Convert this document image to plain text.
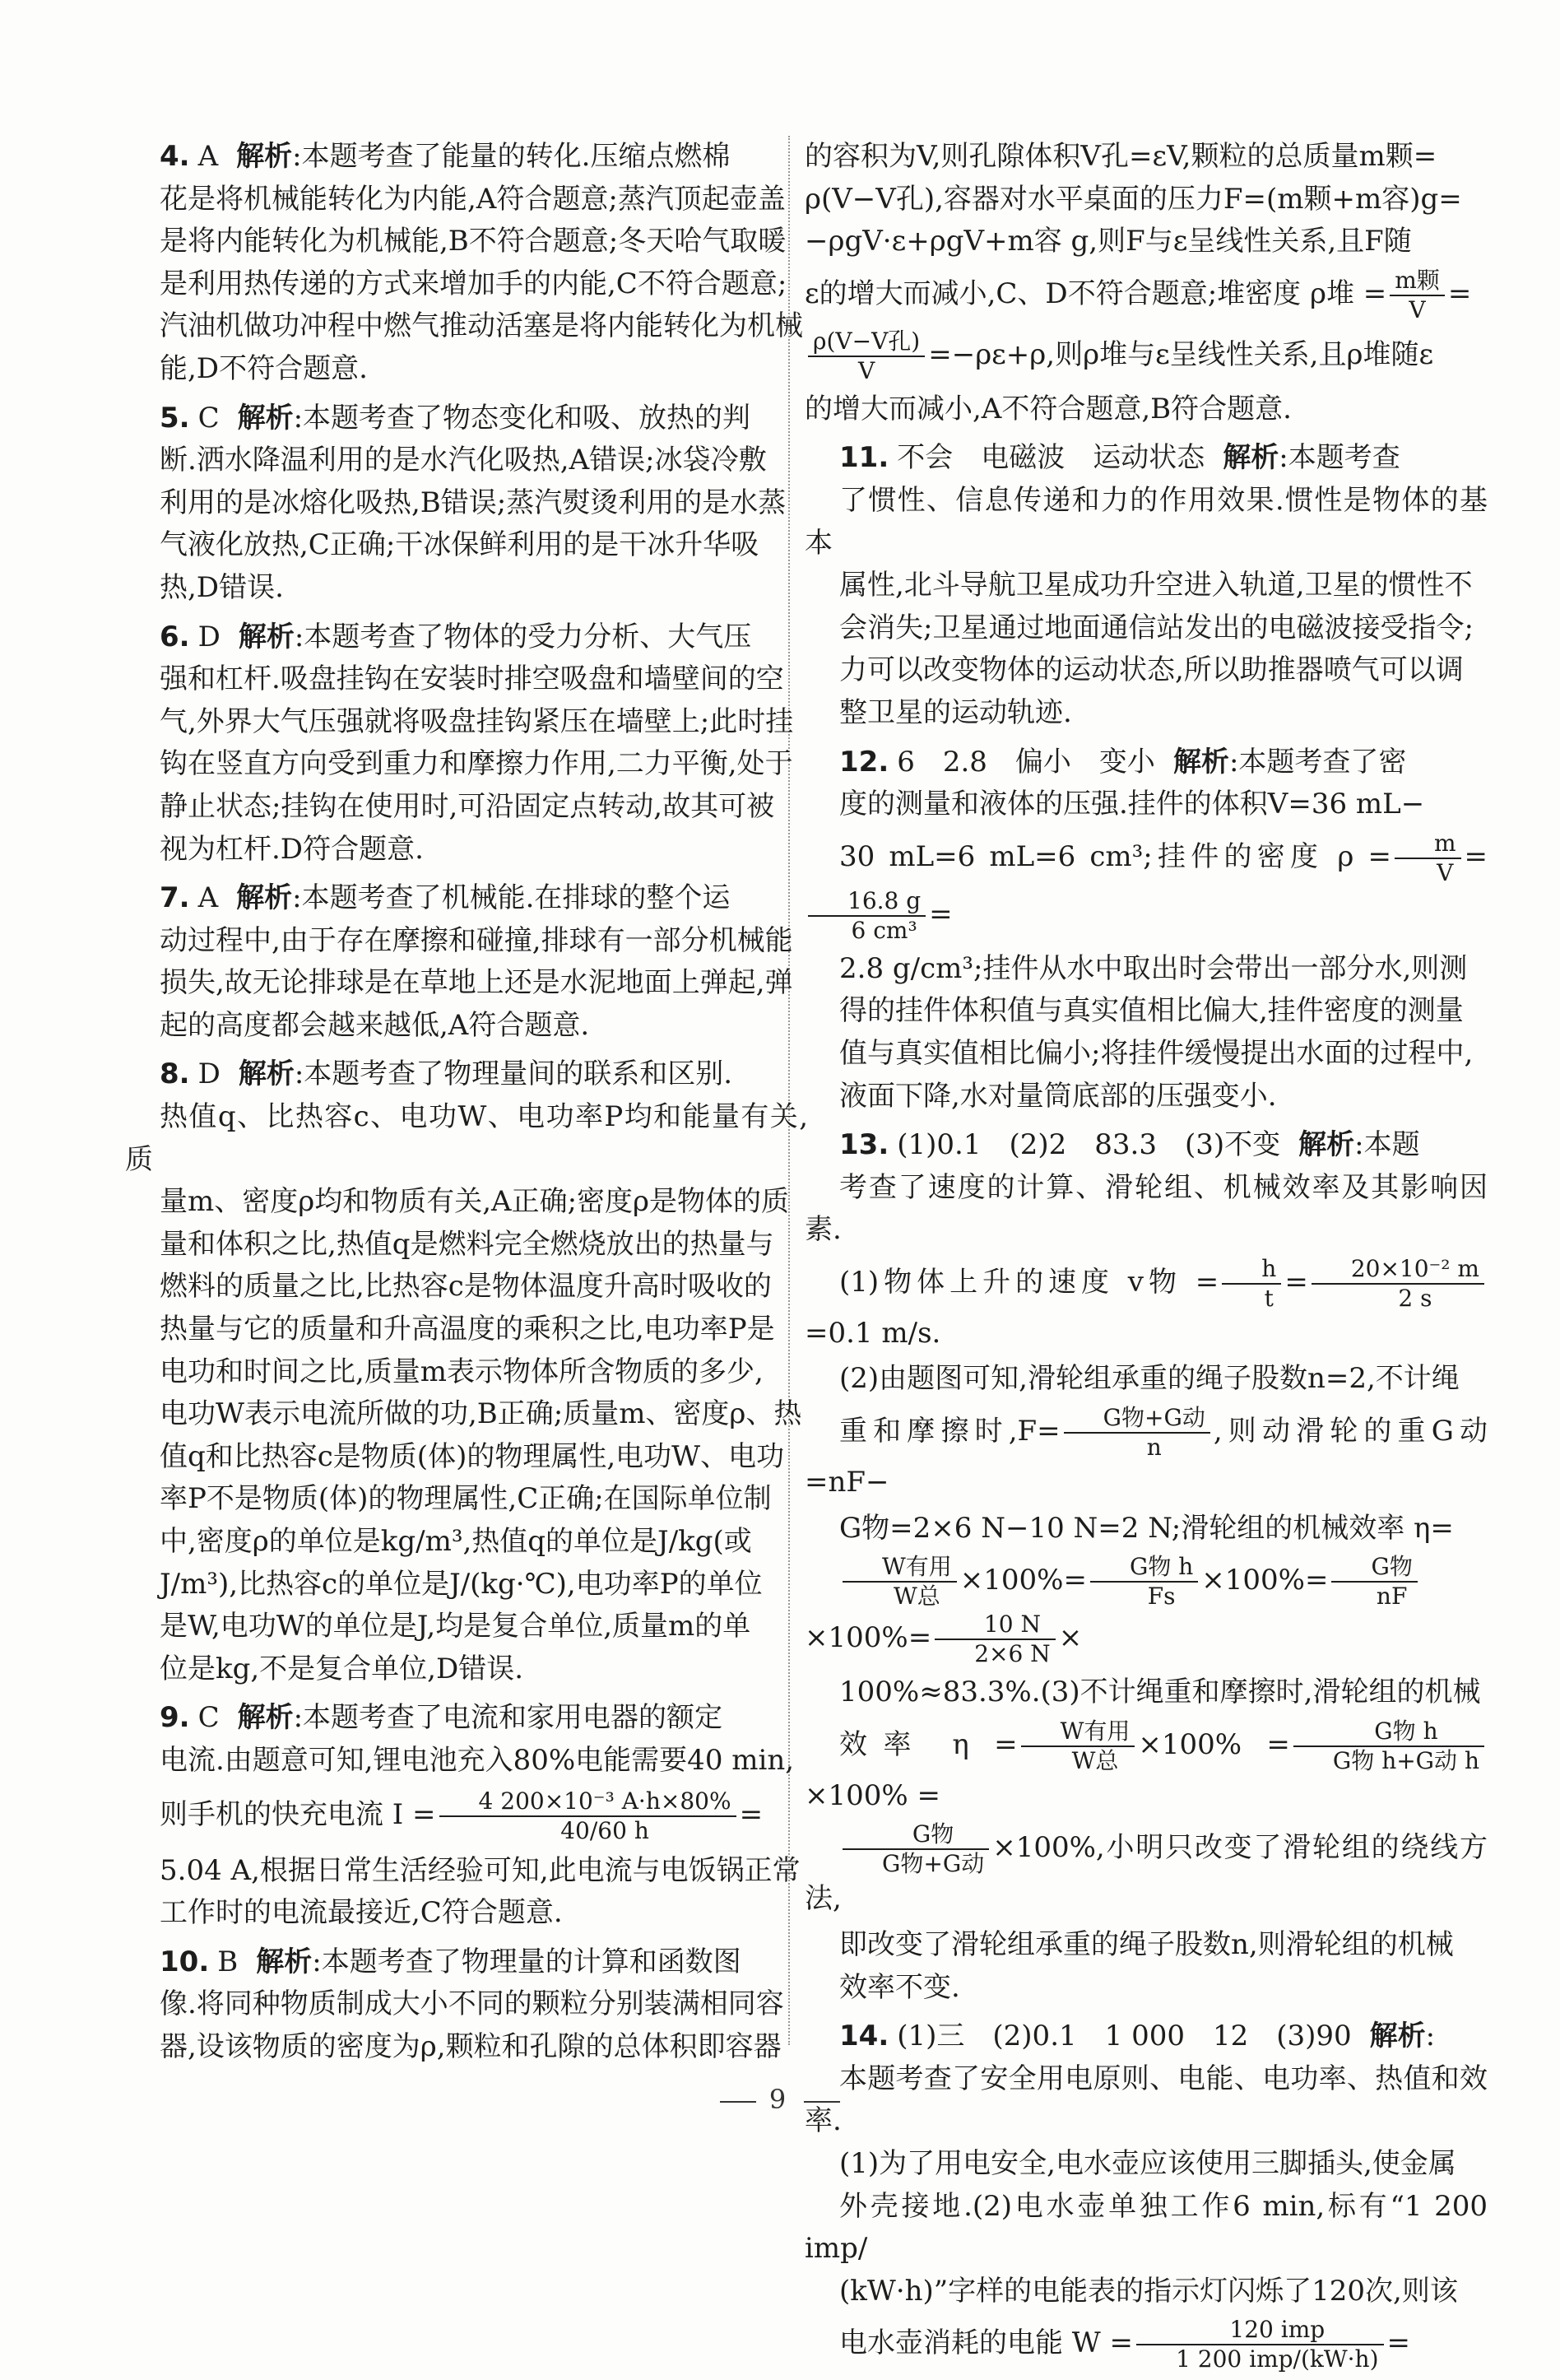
4. A 解析:本题考查了能量的转化.压缩点燃棉
花是将机械能转化为内能,A符合题意;蒸汽顶起壶盖
是将内能转化为机械能,B不符合题意;冬天哈气取暖
是利用热传递的方式来增加手的内能,C不符合题意;
汽油机做功冲程中燃气推动活塞是将内能转化为机械
能,D不符合题意.
5. C 解析:本题考查了物态变化和吸、放热的判
断.洒水降温利用的是水汽化吸热,A错误;冰袋冷敷
利用的是冰熔化吸热,B错误;蒸汽熨烫利用的是水蒸
气液化放热,C正确;干冰保鲜利用的是干冰升华吸
热,D错误.
6. D 解析:本题考查了物体的受力分析、大气压
强和杠杆.吸盘挂钩在安装时排空吸盘和墙壁间的空
气,外界大气压强就将吸盘挂钩紧压在墙壁上;此时挂
钩在竖直方向受到重力和摩擦力作用,二力平衡,处于
静止状态;挂钩在使用时,可沿固定点转动,故其可被
视为杠杆.D符合题意.
7. A 解析:本题考查了机械能.在排球的整个运
动过程中,由于存在摩擦和碰撞,排球有一部分机械能
损失,故无论排球是在草地上还是水泥地面上弹起,弹
起的高度都会越来越低,A符合题意.
8. D 解析:本题考查了物理量间的联系和区别.
热值q、比热容c、电功W、电功率P均和能量有关,质
量m、密度ρ均和物质有关,A正确;密度ρ是物体的质
量和体积之比,热值q是燃料完全燃烧放出的热量与
燃料的质量之比,比热容c是物体温度升高时吸收的
热量与它的质量和升高温度的乘积之比,电功率P是
电功和时间之比,质量m表示物体所含物质的多少,
电功W表示电流所做的功,B正确;质量m、密度ρ、热
值q和比热容c是物质(体)的物理属性,电功W、电功
率P不是物质(体)的物理属性,C正确;在国际单位制
中,密度ρ的单位是kg/m³,热值q的单位是J/kg(或
J/m³),比热容c的单位是J/(kg·℃),电功率P的单位
是W,电功W的单位是J,均是复合单位,质量m的单
位是kg,不是复合单位,D错误.
9. C 解析:本题考查了电流和家用电器的额定
电流.由题意可知,锂电池充入80%电能需要40 min,
则手机的快充电流 $I = \frac{\text{4 200×10⁻³ A·h×80\%}}{40/60 h}$ =
5.04 A,根据日常生活经验可知,此电流与电饭锅正常
工作时的电流最接近,C符合题意.
10. B 解析:本题考查了物理量的计算和函数图
像.将同种物质制成大小不同的颗粒分别装满相同容
器,设该物质的密度为ρ,颗粒和孔隙的总体积即容器
的容积为V,则孔隙体积V孔=εV,颗粒的总质量m颗=
ρ(V−V孔),容器对水平桌面的压力F=(m颗+m容)g=
−ρgV·ε+ρgV+m容 g,则F与ε呈线性关系,且F随
ε的增大而减小,C、D不符合题意;堆密度 ρ堆 = $\frac{\text{m颗}}{V}$ =
$\frac{\text{ρ(V−V孔)}}{V} =-\rho\varepsilon+\rho$,则ρ堆与ε呈线性关系,且ρ堆随ε
的增大而减小,A不符合题意,B符合题意.
11. 不会　电磁波　运动状态 解析:本题考查
了惯性、信息传递和力的作用效果.惯性是物体的基本
属性,北斗导航卫星成功升空进入轨道,卫星的惯性不
会消失;卫星通过地面通信站发出的电磁波接受指令;
力可以改变物体的运动状态,所以助推器喷气可以调
整卫星的运动轨迹.
12. 6　2.8　偏小　变小 解析:本题考查了密
度的测量和液体的压强.挂件的体积V=36 mL−
30 mL=6 mL=6 cm³;挂件的密度 $\rho = \frac{m}{V}$ =
$\frac{16.8 g}{\text{6 cm³}}$ =
2.8 g/cm³;挂件从水中取出时会带出一部分水,则测
得的挂件体积值与真实值相比偏大,挂件密度的测量
值与真实值相比偏小;将挂件缓慢提出水面的过程中,
液面下降,水对量筒底部的压强变小.
13. (1)0.1　(2)2　83.3　(3)不变 解析:本题
考查了速度的计算、滑轮组、机械效率及其影响因素.
(1)物体上升的速度 v物 = $\frac{h}{t} = \frac{\text{20×10⁻² m}}{2 s}$
=0.1 m/s.
(2)由题图可知,滑轮组承重的绳子股数n=2,不计绳
重和摩擦时$,F= \frac{\text{G物+G动}}{n}$ ,则动滑轮的重G动=nF−
G物=2×6 N−10 N=2 N;滑轮组的机械效率 η=
$\frac{\text{W有用}}{\text{W总}} \times 100\%= \frac{\text{G物 h}}{Fs} \times 100\%= \frac{\text{G物}}{nF}$
$\times 100\%= \frac{10 N}{2\times 6 N}$ ×
100%≈83.3%.(3)不计绳重和摩擦时,滑轮组的机械
效率 $\eta = \frac{\text{W有用}}{\text{W总}} \times 100\% = \frac{\text{G物 h}}{\text{G物 h+G动 h}}$
×100% =
$\frac{\text{G物}}{\text{G物+G动}} \times 100\%$,小明只改变了滑轮组的绕线方法,
即改变了滑轮组承重的绳子股数n,则滑轮组的机械
效率不变.
14. (1)三　(2)0.1　1 000　12　(3)90 解析:
本题考查了安全用电原则、电能、电功率、热值和效率.
(1)为了用电安全,电水壶应该使用三脚插头,使金属
外壳接地.(2)电水壶单独工作6 min,标有“1 200 imp/
(kW·h)”字样的电能表的指示灯闪烁了120次,则该
电水壶消耗的电能 $W = \frac{\text{120 imp}}{\text{1 200 imp/(kW·h)}}$ =
9
